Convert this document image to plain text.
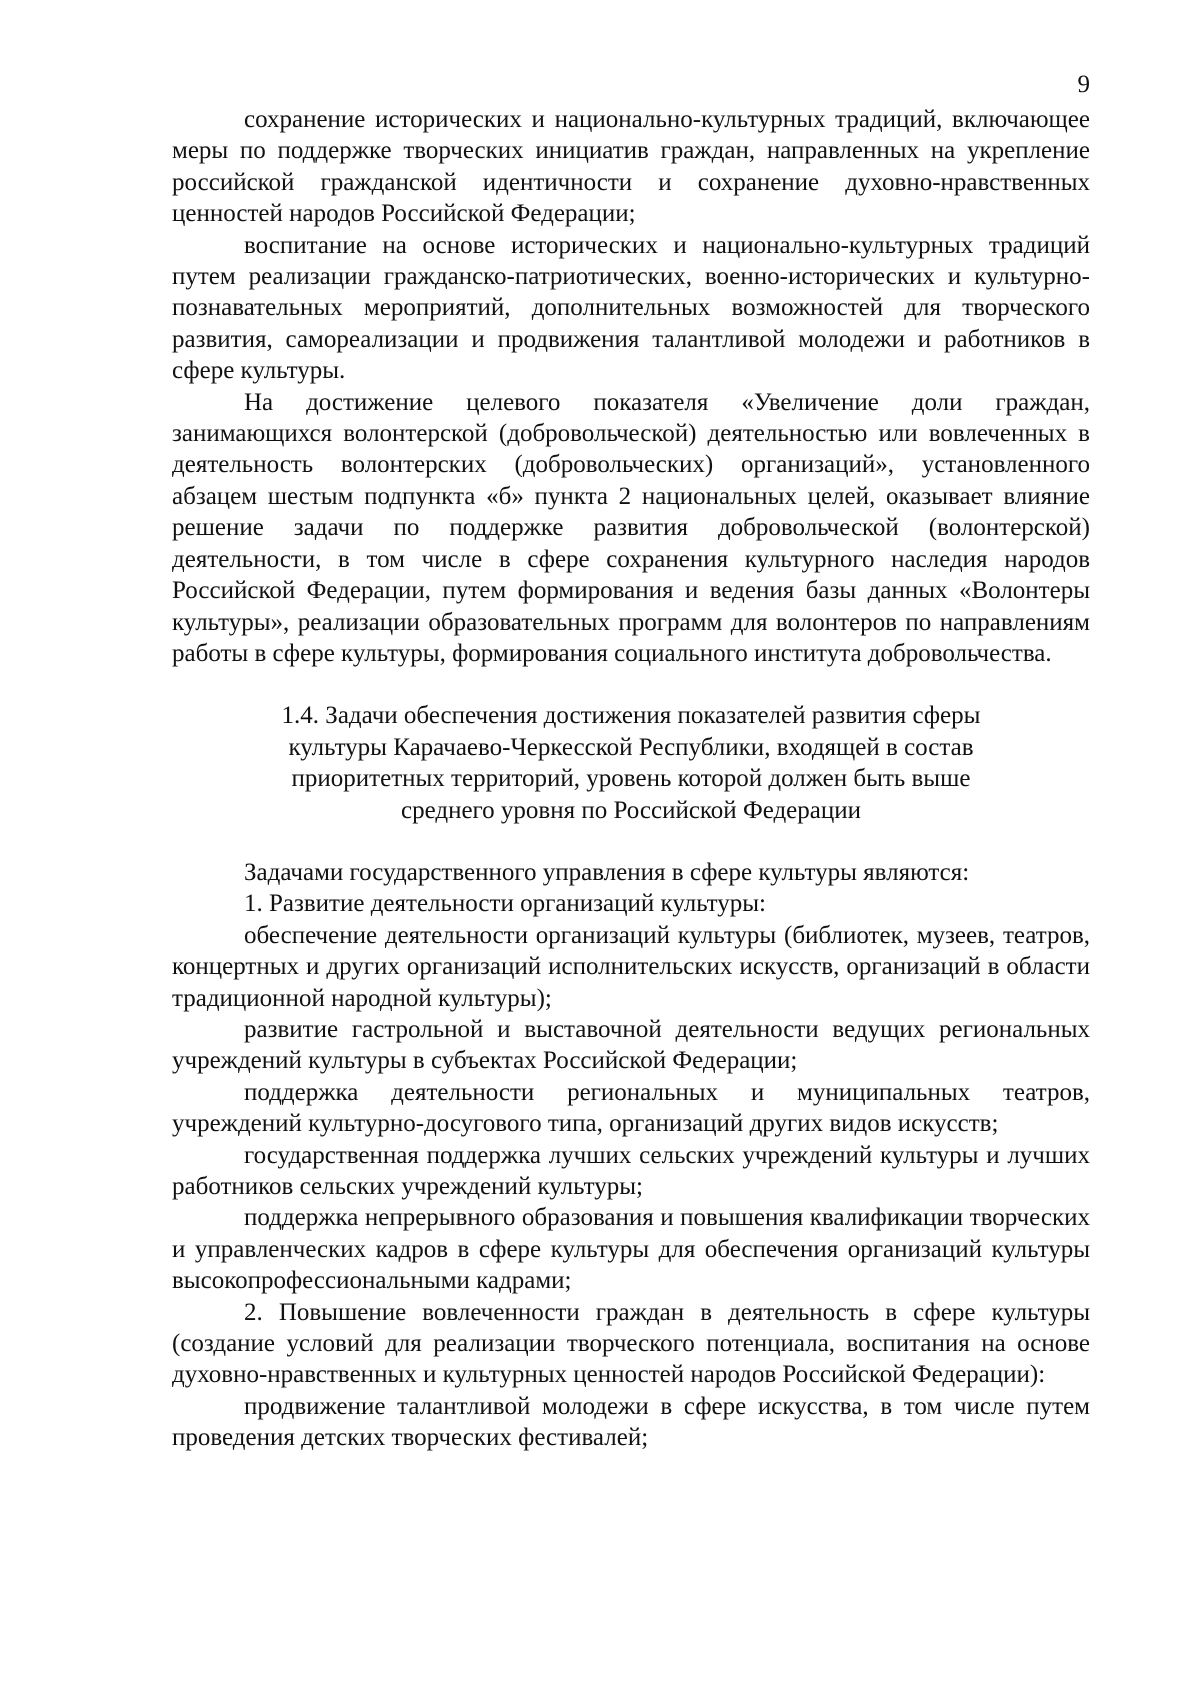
9

сохранение исторических и национально-культурных традиций, включающее меры по поддержке творческих инициатив граждан, направленных на укрепление российской гражданской идентичности и сохранение духовно-нравственных ценностей народов Российской Федерации;

воспитание на основе исторических и национально-культурных традиций путем реализации гражданско-патриотических, военно-исторических и культурно-познавательных мероприятий, дополнительных возможностей для творческого развития, самореализации и продвижения талантливой молодежи и работников в сфере культуры.

На достижение целевого показателя «Увеличение доли граждан, занимающихся волонтерской (добровольческой) деятельностью или вовлеченных в деятельность волонтерских (добровольческих) организаций», установленного абзацем шестым подпункта «б» пункта 2 национальных целей, оказывает влияние решение задачи по поддержке развития добровольческой (волонтерской) деятельности, в том числе в сфере сохранения культурного наследия народов Российской Федерации, путем формирования и ведения базы данных «Волонтеры культуры», реализации образовательных программ для волонтеров по направлениям работы в сфере культуры, формирования социального института добровольчества.

1.4. Задачи обеспечения достижения показателей развития сферы
культуры Карачаево-Черкесской Республики, входящей в состав
приоритетных территорий, уровень которой должен быть выше
среднего уровня по Российской Федерации

Задачами государственного управления в сфере культуры являются:

1. Развитие деятельности организаций культуры:

обеспечение деятельности организаций культуры (библиотек, музеев, театров, концертных и других организаций исполнительских искусств, организаций в области традиционной народной культуры);

развитие гастрольной и выставочной деятельности ведущих региональных учреждений культуры в субъектах Российской Федерации;

поддержка деятельности региональных и муниципальных театров, учреждений культурно-досугового типа, организаций других видов искусств;

государственная поддержка лучших сельских учреждений культуры и лучших работников сельских учреждений культуры;

поддержка непрерывного образования и повышения квалификации творческих и управленческих кадров в сфере культуры для обеспечения организаций культуры высокопрофессиональными кадрами;

2. Повышение вовлеченности граждан в деятельность в сфере культуры (создание условий для реализации творческого потенциала, воспитания на основе духовно-нравственных и культурных ценностей народов Российской Федерации):

продвижение талантливой молодежи в сфере искусства, в том числе путем проведения детских творческих фестивалей;
